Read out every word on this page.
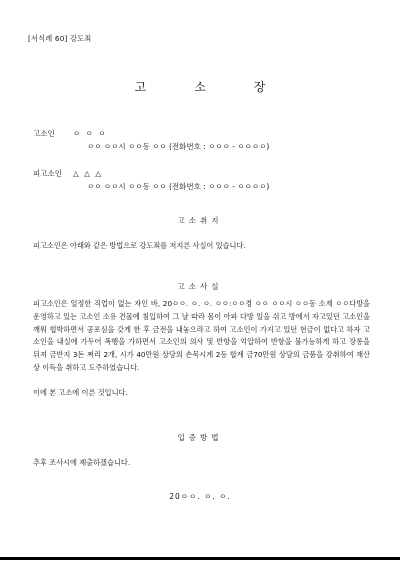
[서식례 60] 강도죄
고소장
고소인	ㅇ ㅇ ㅇ
ㅇㅇ ㅇㅇ시 ㅇㅇ동 ㅇㅇ (전화번호 : ㅇㅇㅇ - ㅇㅇㅇㅇ)
피고소인	△ △ △
ㅇㅇ ㅇㅇ시 ㅇㅇ동 ㅇㅇ (전화번호 : ㅇㅇㅇ - ㅇㅇㅇㅇ)
고소취지
피고소인은 아래와 같은 방법으로 강도죄를 저지른 사실이 있습니다.
고소사실
피고소인은 일정한 직업이 없는 자인 바, 20ㅇㅇ. ㅇ. ㅇ. ㅇㅇ:ㅇㅇ경 ㅇㅇ ㅇㅇ시 ㅇㅇ동 소재 ㅇㅇ다방을 운영하고 있는 고소인 소유 건물에 침입하여 그 날 따라 몸이 아파 다방 일을 쉬고 방에서 자고있던 고소인을 깨워 협박하면서 공포심을 갖게 한 후 금전을 내놓으라고 하여 고소인이 가지고 있던 현금이 없다고 하자 고소인을 내실에 가두어 폭행을 가하면서 고소인의 의사 및 반항을 억압하여 반항을 불가능하게 하고 장롱을 뒤져 금반지 3돈 쩌리 2개, 시가 40만원 상당의 손목시계 2등 합계 금70만원 상당의 금품을 강취하여 재산상 이득을 취하고 도주하였습니다.
이에 본 고소에 이른 것입니다.
입증방법
추후 조사시에 제출하겠습니다.
20ㅇㅇ. ㅇ. ㅇ.
